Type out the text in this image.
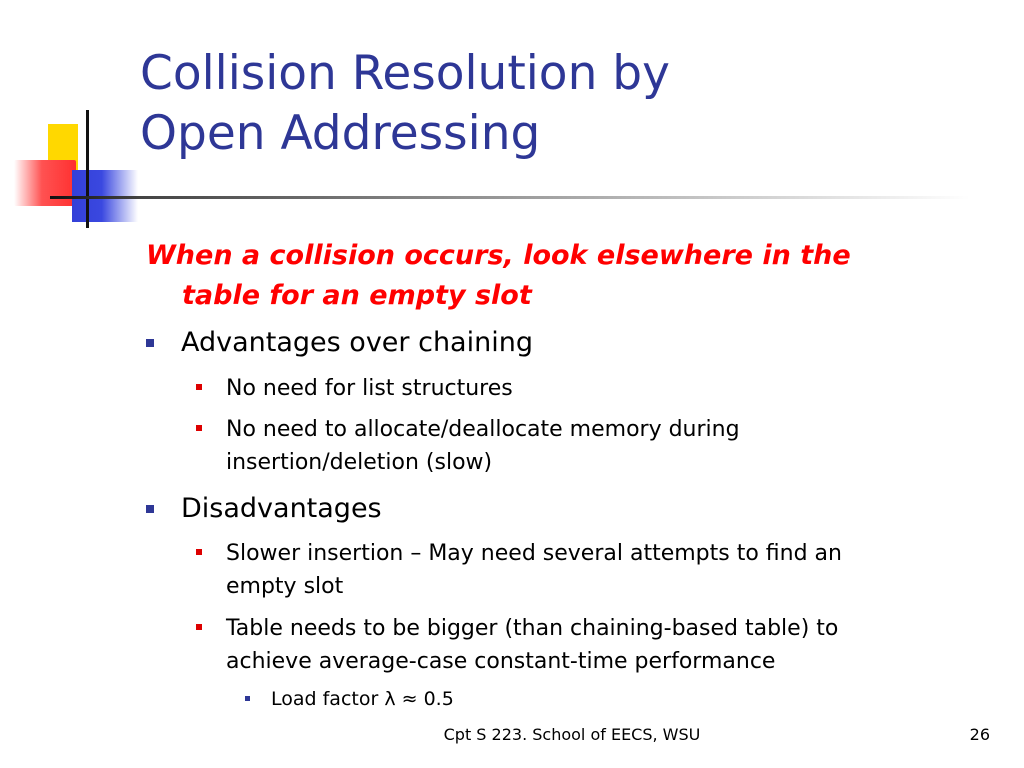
Collision Resolution by
Open Addressing

When a collision occurs, look elsewhere in the
table for an empty slot

Advantages over chaining
No need for list structures
No need to allocate/deallocate memory during
insertion/deletion (slow)
Disadvantages
Slower insertion – May need several attempts to find an
empty slot
Table needs to be bigger (than chaining-based table) to
achieve average-case constant-time performance
Load factor λ ≈ 0.5
Cpt S 223. School of EECS, WSU	26
